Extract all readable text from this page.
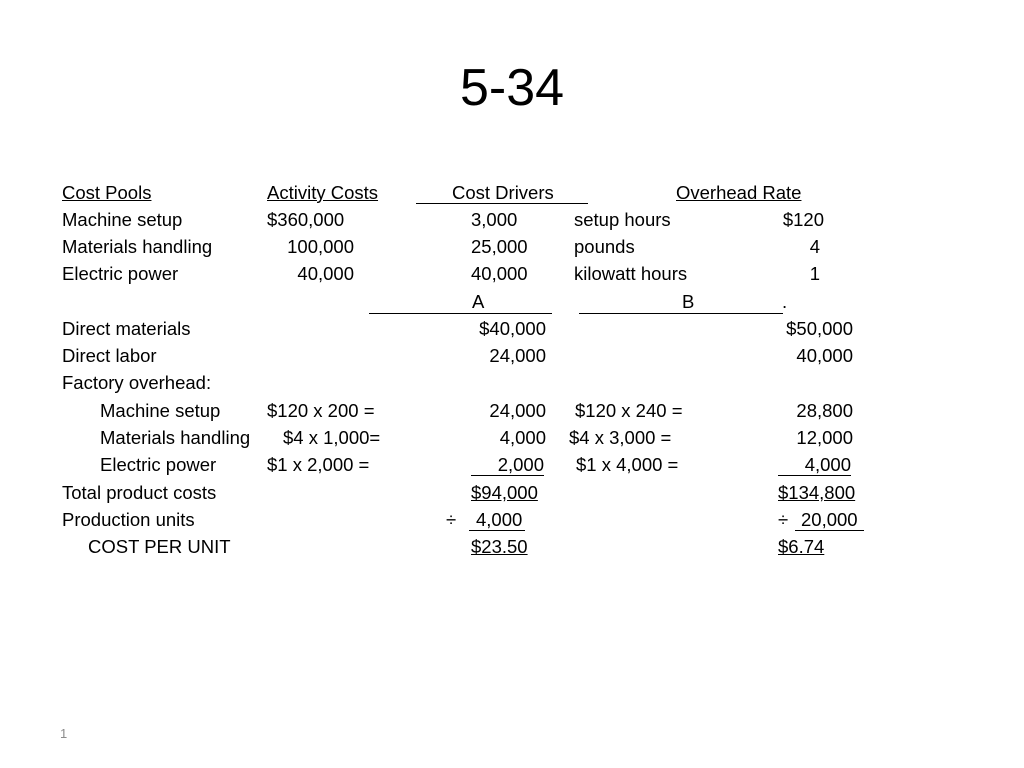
5-34
Cost Pools	Activity Costs	Cost Drivers	Overhead Rate
Machine setup	$360,000	3,000	setup hours	$120
Materials handling	100,000	25,000	pounds	4
Electric power	40,000	40,000	kilowatt hours	1
A	B	.
Direct materials	$40,000	$50,000
Direct labor	24,000	40,000
Factory overhead:
Machine setup	$120 x 200 =	24,000 $120 x 240 =	28,800
Materials handling $4 x 1,000=	4,000 $4 x 3,000 =	12,000
Electric power	$1 x 2,000 =	2,000 $1 x 4,000 =	4,000
Total product costs	$94,000	$134,800
Production units	÷ 4,000	÷ 20,000
COST PER UNIT	$23.50	$6.74
1
